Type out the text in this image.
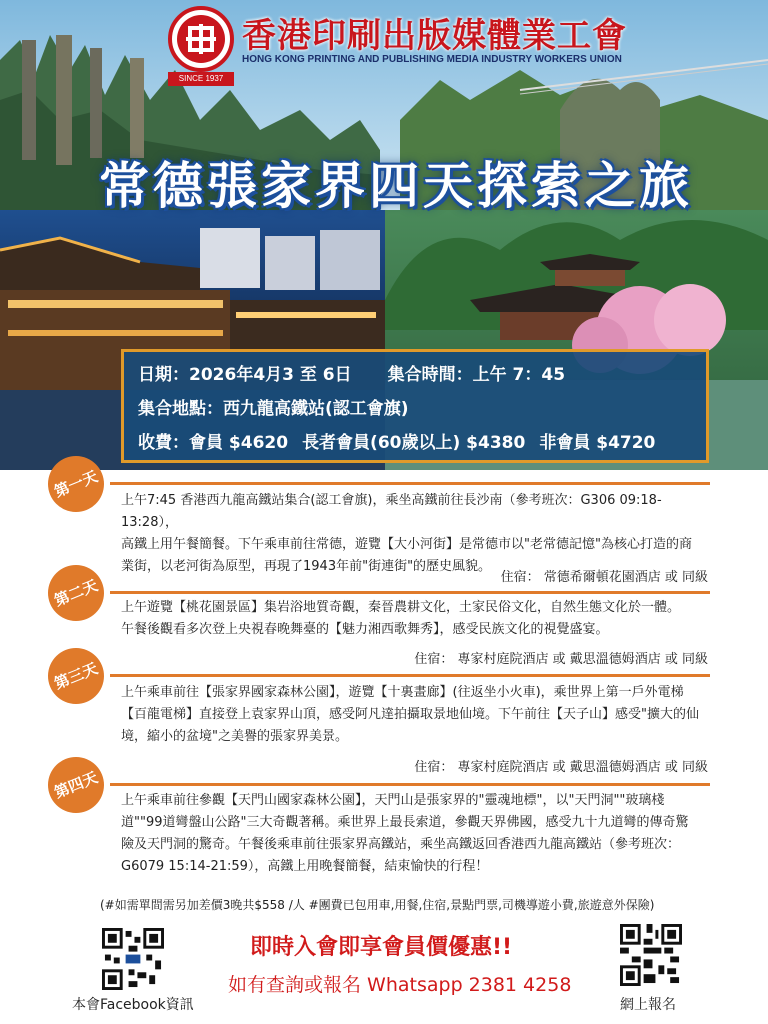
SINCE 1937
香港印刷出版媒體業工會
HONG KONG PRINTING AND PUBLISHING MEDIA INDUSTRY WORKERS UNION
常德張家界四天探索之旅
日期：2026年4月3 至 6日 集合時間：上午 7：45
集合地點：西九龍高鐵站(認工會旗)
收費：會員 $4620 長者會員(60歲以上) $4380 非會員 $4720
第一天	上午7:45 香港西九龍高鐵站集合(認工會旗)，乘坐高鐵前往長沙南（參考班次：G306 09:18-13:28），
高鐵上用午餐簡餐。下午乘車前往常德，遊覽【大小河街】是常德市以"老常德記憶"為核心打造的商
業街，以老河街為原型，再現了1943年前"街連街"的歷史風貌。
住宿： 常德希爾頓花園酒店 或 同級
第二天	上午遊覽【桃花園景區】集岩浴地質奇觀，秦晉農耕文化，土家民俗文化，自然生態文化於一體。
午餐後觀看多次登上央視春晚舞臺的【魅力湘西歌舞秀】，感受民族文化的視覺盛宴。
住宿： 專家村庭院酒店 或 戴思溫德姆酒店 或 同級
第三天	上午乘車前往【張家界國家森林公園】，遊覽【十裏畫廊】(往返坐小火車)，乘世界上第一戶外電梯
【百龍電梯】直接登上袁家界山頂，感受阿凡達拍攝取景地仙境。下午前往【天子山】感受"擴大的仙
境，縮小的盆境"之美譽的張家界美景。
住宿： 專家村庭院酒店 或 戴思溫德姆酒店 或 同級
第四天	上午乘車前往參觀【天門山國家森林公園】，天門山是張家界的"靈魂地標"，以"天門洞""玻璃棧
道""99道彎盤山公路"三大奇觀著稱。乘世界上最長索道，參觀天界佛國，感受九十九道彎的傳奇驚
險及天門洞的驚奇。午餐後乘車前往張家界高鐵站，乘坐高鐵返回香港西九龍高鐵站（參考班次：
G6079 15:14-21:59），高鐵上用晚餐簡餐，結束愉快的行程！
(#如需單間需另加差價3晚共$558 /人 #團費已包用車,用餐,住宿,景點門票,司機導遊小費,旅遊意外保險)
本會Facebook資訊
即時入會即享會員價優惠!!
如有查詢或報名 Whatsapp 2381 4258
網上報名
